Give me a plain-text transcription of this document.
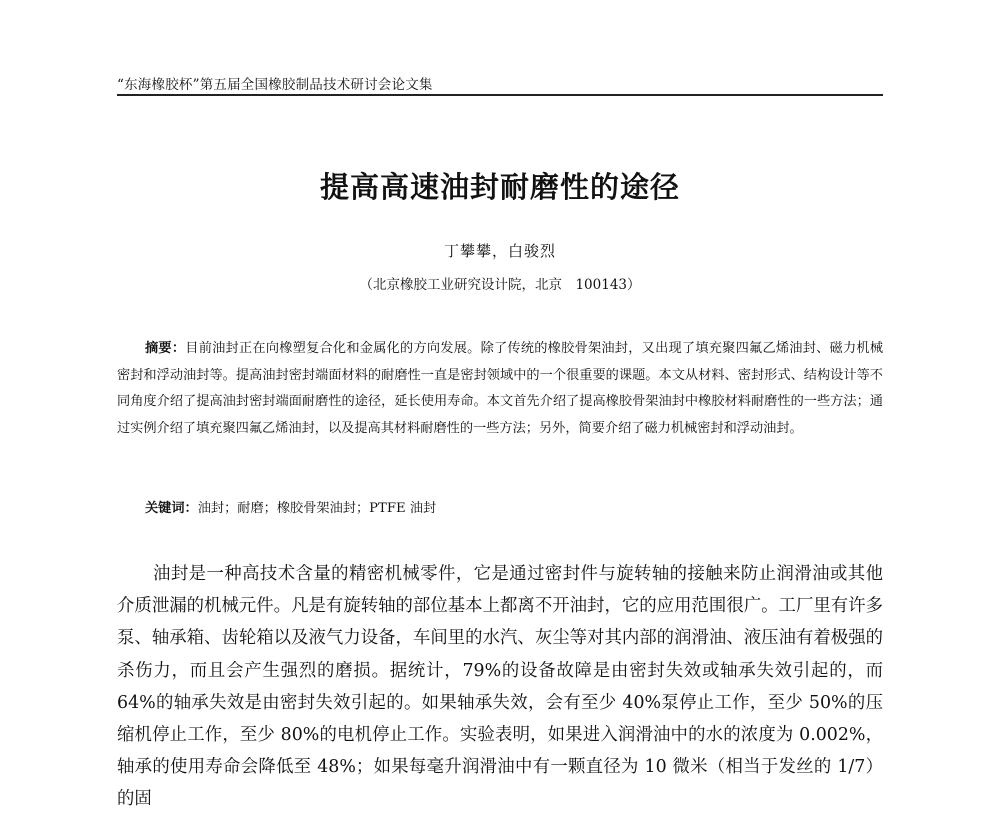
“东海橡胶杯”第五届全国橡胶制品技术研讨会论文集
提高高速油封耐磨性的途径
丁攀攀，白骏烈
（北京橡胶工业研究设计院，北京　100143）

摘要：目前油封正在向橡塑复合化和金属化的方向发展。除了传统的橡胶骨架油封，又出现了填充聚四氟乙烯油封、磁力机械密封和浮动油封等。提高油封密封端面材料的耐磨性一直是密封领域中的一个很重要的课题。本文从材料、密封形式、结构设计等不同角度介绍了提高油封密封端面耐磨性的途径，延长使用寿命。本文首先介绍了提高橡胶骨架油封中橡胶材料耐磨性的一些方法；通过实例介绍了填充聚四氟乙烯油封，以及提高其材料耐磨性的一些方法；另外，简要介绍了磁力机械密封和浮动油封。

关键词：油封；耐磨；橡胶骨架油封；PTFE 油封

油封是一种高技术含量的精密机械零件，它是通过密封件与旋转轴的接触来防止润滑油或其他介质泄漏的机械元件。凡是有旋转轴的部位基本上都离不开油封，它的应用范围很广。工厂里有许多泵、轴承箱、齿轮箱以及液气力设备，车间里的水汽、灰尘等对其内部的润滑油、液压油有着极强的杀伤力，而且会产生强烈的磨损。据统计，79%的设备故障是由密封失效或轴承失效引起的，而 64%的轴承失效是由密封失效引起的。如果轴承失效，会有至少 40%泵停止工作，至少 50%的压缩机停止工作，至少 80%的电机停止工作。实验表明，如果进入润滑油中的水的浓度为 0.002%，轴承的使用寿命会降低至 48%；如果每毫升润滑油中有一颗直径为 10 微米（相当于发丝的 1/7）的固
